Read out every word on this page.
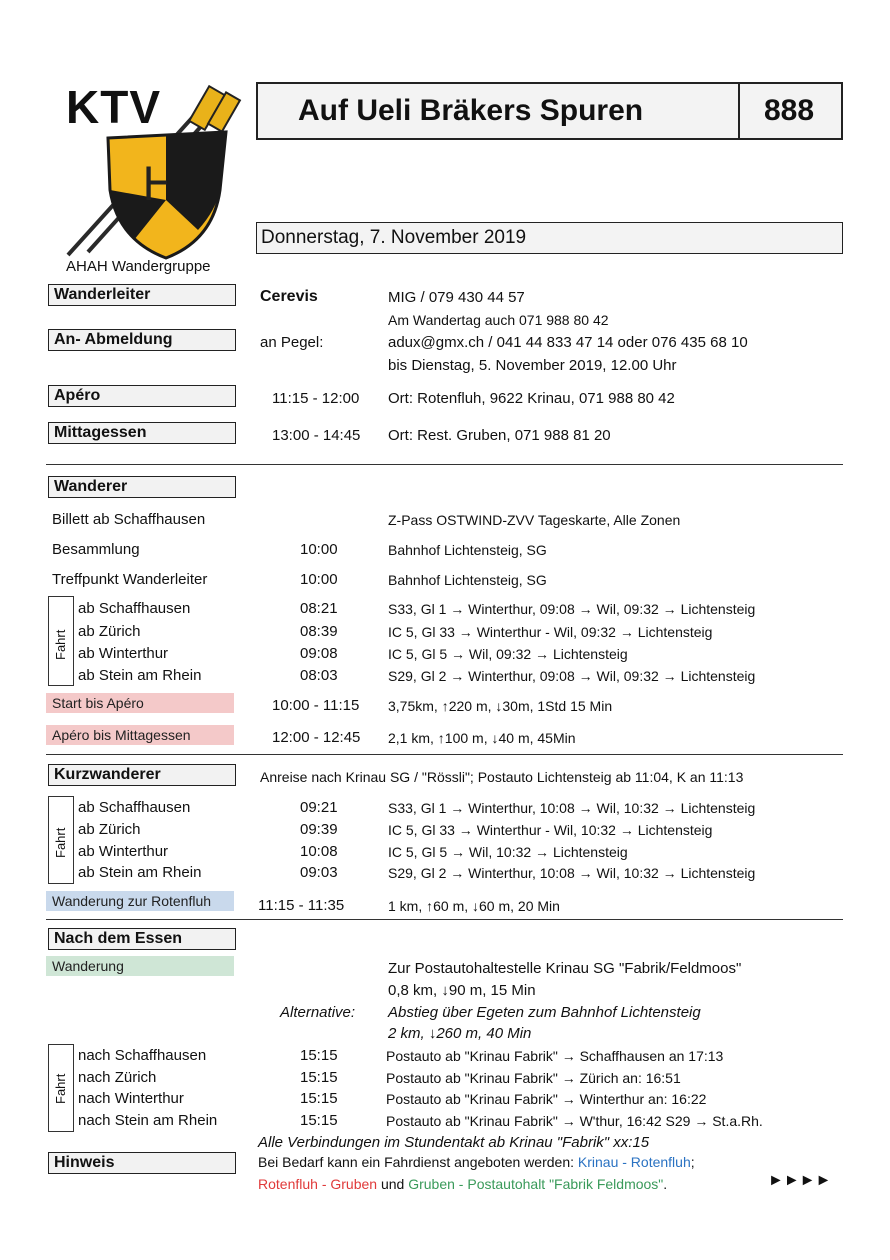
KTV
Ꮀ
AHAH Wandergruppe
Auf Ueli Bräkers Spuren	888
Donnerstag, 7. November 2019
Wanderleiter	Cerevis	MIG / 079 430 44 57
Am Wandertag auch 071 988 80 42
An- Abmeldung	an Pegel:	adux@gmx.ch / 041 44 833 47 14 oder 076 435 68 10
bis Dienstag, 5. November 2019, 12.00 Uhr
Apéro	11:15 - 12:00 Ort: Rotenfluh, 9622 Krinau, 071 988 80 42
Mittagessen	13:00 - 14:45 Ort: Rest. Gruben, 071 988 81 20
Wanderer
Billett ab Schaffhausen	Z-Pass OSTWIND-ZVV Tageskarte, Alle Zonen
Besammlung	10:00	Bahnhof Lichtensteig, SG
Treffpunkt Wanderleiter	10:00	Bahnhof Lichtensteig, SG
Fahrt
ab Schaffhausen	08:21	S33, Gl 1 → Winterthur, 09:08 → Wil, 09:32 → Lichtensteig
ab Zürich	08:39	IC 5, Gl 33 → Winterthur - Wil, 09:32 → Lichtensteig
ab Winterthur	09:08	IC 5, Gl 5 → Wil, 09:32 → Lichtensteig
ab Stein am Rhein	08:03	S29, Gl 2 → Winterthur, 09:08 → Wil, 09:32 → Lichtensteig
Start bis Apéro	10:00 - 11:15 3,75km, ↑220 m, ↓30m, 1Std 15 Min
Apéro bis Mittagessen	12:00 - 12:45 2,1 km, ↑100 m, ↓40 m, 45Min
Kurzwanderer	Anreise nach Krinau SG / "Rössli"; Postauto Lichtensteig ab 11:04, K an 11:13
Fahrt
ab Schaffhausen	09:21	S33, Gl 1 → Winterthur, 10:08 → Wil, 10:32 → Lichtensteig
ab Zürich	09:39	IC 5, Gl 33 → Winterthur - Wil, 10:32 → Lichtensteig
ab Winterthur	10:08	IC 5, Gl 5 → Wil, 10:32 → Lichtensteig
ab Stein am Rhein	09:03	S29, Gl 2 → Winterthur, 10:08 → Wil, 10:32 → Lichtensteig
Wanderung zur Rotenfluh	11:15 - 11:35	1 km, ↑60 m, ↓60 m, 20 Min
Nach dem Essen
Wanderung	Zur Postautohaltestelle Krinau SG "Fabrik/Feldmoos"
0,8 km, ↓90 m, 15 Min
Alternative: Abstieg über Egeten zum Bahnhof Lichtensteig
2 km, ↓260 m, 40 Min
Fahrt
nach Schaffhausen	15:15	Postauto ab "Krinau Fabrik" → Schaffhausen an 17:13
nach Zürich	15:15	Postauto ab "Krinau Fabrik" → Zürich an: 16:51
nach Winterthur	15:15	Postauto ab "Krinau Fabrik" → Winterthur an: 16:22
nach Stein am Rhein	15:15	Postauto ab "Krinau Fabrik" → W'thur, 16:42 S29 → St.a.Rh.
Alle Verbindungen im Stundentakt ab Krinau "Fabrik" xx:15
Hinweis	Bei Bedarf kann ein Fahrdienst angeboten werden: Krinau - Rotenfluh;
Rotenfluh - Gruben und Gruben - Postautohalt "Fabrik Feldmoos".	►►►►
